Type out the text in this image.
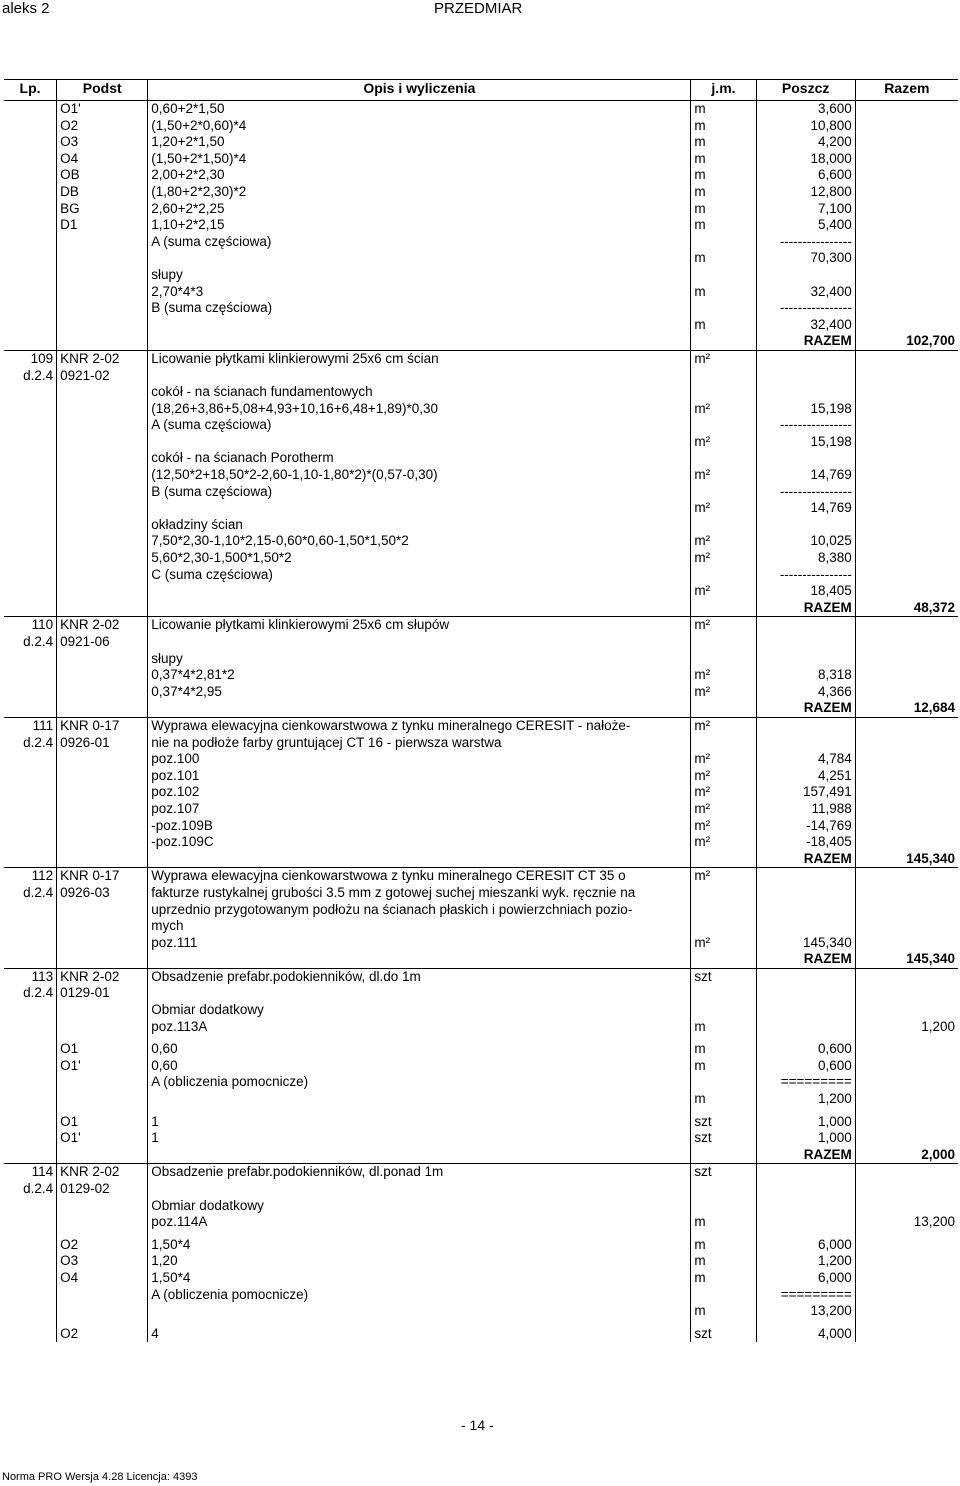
aleks 2	PRZEDMIAR
Lp.	Podst	Opis i wyliczenia	j.m.	Poszcz	Razem
	O1'	0,60+2*1,50	m	3,600	
	O2	(1,50+2*0,60)*4	m	10,800	
	O3	1,20+2*1,50	m	4,200	
	O4	(1,50+2*1,50)*4	m	18,000	
	OB	2,00+2*2,30	m	6,600	
	DB	(1,80+2*2,30)*2	m	12,800	
	BG	2,60+2*2,25	m	7,100	
	D1	1,10+2*2,15	m	5,400	
		A (suma częściowa)		----------------	
			m	70,300	
		słupy			
		2,70*4*3	m	32,400	
		B (suma częściowa)		----------------	
			m	32,400	
				RAZEM	102,700
109	KNR 2-02	Licowanie płytkami klinkierowymi 25x6 cm ścian	m²		
d.2.4	0921-02				
		cokół - na ścianach fundamentowych			
		(18,26+3,86+5,08+4,93+10,16+6,48+1,89)*0,30	m²	15,198	
		A (suma częściowa)		----------------	
			m²	15,198	
		cokół - na ścianach Porotherm			
		(12,50*2+18,50*2-2,60-1,10-1,80*2)*(0,57-0,30)	m²	14,769	
		B (suma częściowa)		----------------	
			m²	14,769	
		okładziny ścian			
		7,50*2,30-1,10*2,15-0,60*0,60-1,50*1,50*2	m²	10,025	
		5,60*2,30-1,500*1,50*2	m²	8,380	
		C (suma częściowa)		----------------	
			m²	18,405	
				RAZEM	48,372
110	KNR 2-02	Licowanie płytkami klinkierowymi 25x6 cm słupów	m²		
d.2.4	0921-06				
		słupy			
		0,37*4*2,81*2	m²	8,318	
		0,37*4*2,95	m²	4,366	
				RAZEM	12,684
111	KNR 0-17	Wyprawa elewacyjna cienkowarstwowa z tynku mineralnego CERESIT - nałoże-	m²		
d.2.4	0926-01	nie na podłoże farby gruntującej CT 16 - pierwsza warstwa			
		poz.100	m²	4,784	
		poz.101	m²	4,251	
		poz.102	m²	157,491	
		poz.107	m²	11,988	
		-poz.109B	m²	-14,769	
		-poz.109C	m²	-18,405	
				RAZEM	145,340
112	KNR 0-17	Wyprawa elewacyjna cienkowarstwowa z tynku mineralnego CERESIT CT 35 o	m²		
d.2.4	0926-03	fakturze rustykalnej grubości 3.5 mm z gotowej suchej mieszanki wyk. ręcznie na			
		uprzednio przygotowanym podłożu na ścianach płaskich i powierzchniach pozio-			
		mych			
		poz.111	m²	145,340	
				RAZEM	145,340
113	KNR 2-02	Obsadzenie prefabr.podokienników, dl.do 1m	szt		
d.2.4	0129-01				
		Obmiar dodatkowy			
		poz.113A	m		1,200

	O1	0,60	m	0,600	
	O1'	0,60	m	0,600	
		A (obliczenia pomocnicze)		=========	
			m	1,200	

	O1	1	szt	1,000	
	O1'	1	szt	1,000	
				RAZEM	2,000
114	KNR 2-02	Obsadzenie prefabr.podokienników, dl.ponad 1m	szt		
d.2.4	0129-02				
		Obmiar dodatkowy			
		poz.114A	m		13,200

	O2	1,50*4	m	6,000	
	O3	1,20	m	1,200	
	O4	1,50*4	m	6,000	
		A (obliczenia pomocnicze)		=========	
			m	13,200	

	O2	4	szt	4,000	
- 14 -
Norma PRO Wersja 4.28 Licencja: 4393
